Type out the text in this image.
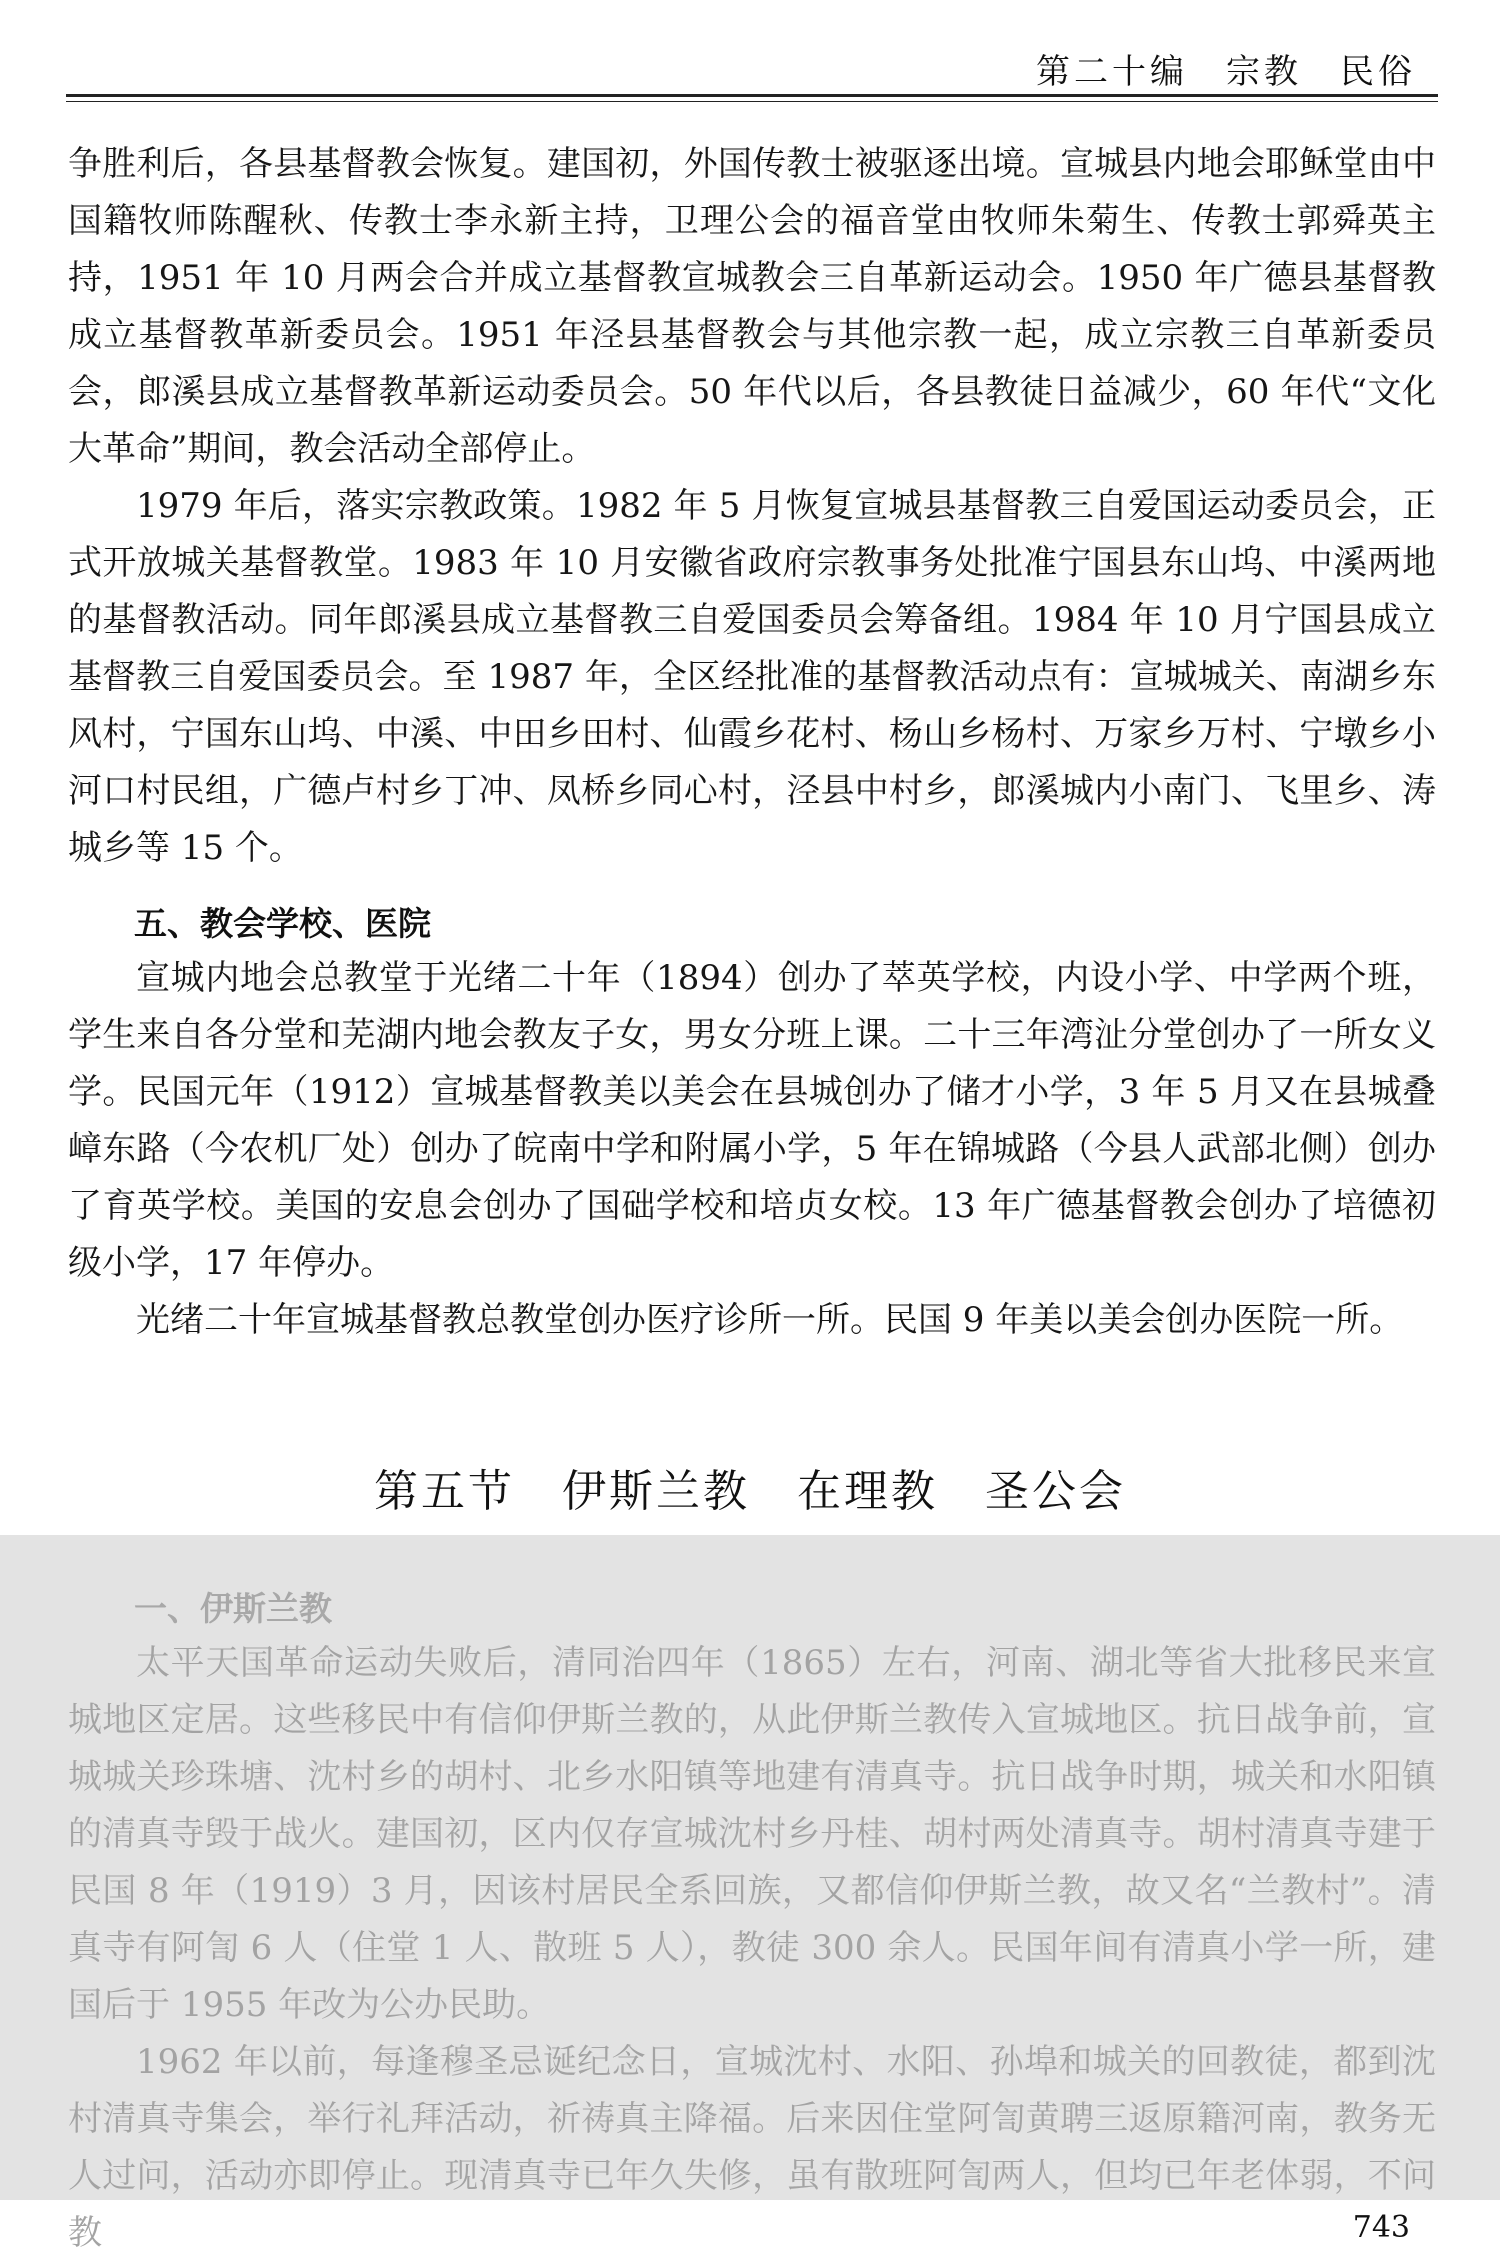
第二十编　宗教　民俗

争胜利后，各县基督教会恢复。建国初，外国传教士被驱逐出境。宣城县内地会耶稣堂由中国籍牧师陈醒秋、传教士李永新主持，卫理公会的福音堂由牧师朱菊生、传教士郭舜英主持，1951 年 10 月两会合并成立基督教宣城教会三自革新运动会。1950 年广德县基督教成立基督教革新委员会。1951 年泾县基督教会与其他宗教一起，成立宗教三自革新委员会，郎溪县成立基督教革新运动委员会。50 年代以后，各县教徒日益减少，60 年代“文化大革命”期间，教会活动全部停止。

1979 年后，落实宗教政策。1982 年 5 月恢复宣城县基督教三自爱国运动委员会，正式开放城关基督教堂。1983 年 10 月安徽省政府宗教事务处批准宁国县东山坞、中溪两地的基督教活动。同年郎溪县成立基督教三自爱国委员会筹备组。1984 年 10 月宁国县成立基督教三自爱国委员会。至 1987 年，全区经批准的基督教活动点有：宣城城关、南湖乡东风村，宁国东山坞、中溪、中田乡田村、仙霞乡花村、杨山乡杨村、万家乡万村、宁墩乡小河口村民组，广德卢村乡丁冲、凤桥乡同心村，泾县中村乡，郎溪城内小南门、飞里乡、涛城乡等 15 个。

五、教会学校、医院

宣城内地会总教堂于光绪二十年（1894）创办了萃英学校，内设小学、中学两个班，学生来自各分堂和芜湖内地会教友子女，男女分班上课。二十三年湾沚分堂创办了一所女义学。民国元年（1912）宣城基督教美以美会在县城创办了储才小学，3 年 5 月又在县城叠嶂东路（今农机厂处）创办了皖南中学和附属小学，5 年在锦城路（今县人武部北侧）创办了育英学校。美国的安息会创办了国础学校和培贞女校。13 年广德基督教会创办了培德初级小学，17 年停办。

光绪二十年宣城基督教总教堂创办医疗诊所一所。民国 9 年美以美会创办医院一所。

第五节　伊斯兰教　在理教　圣公会
一、伊斯兰教

太平天国革命运动失败后，清同治四年（1865）左右，河南、湖北等省大批移民来宣城地区定居。这些移民中有信仰伊斯兰教的，从此伊斯兰教传入宣城地区。抗日战争前，宣城城关珍珠塘、沈村乡的胡村、北乡水阳镇等地建有清真寺。抗日战争时期，城关和水阳镇的清真寺毁于战火。建国初，区内仅存宣城沈村乡丹桂、胡村两处清真寺。胡村清真寺建于民国 8 年（1919）3 月，因该村居民全系回族，又都信仰伊斯兰教，故又名“兰教村”。清真寺有阿訇 6 人（住堂 1 人、散班 5 人），教徒 300 余人。民国年间有清真小学一所，建国后于 1955 年改为公办民助。

1962 年以前，每逢穆圣忌诞纪念日，宣城沈村、水阳、孙埠和城关的回教徒，都到沈村清真寺集会，举行礼拜活动，祈祷真主降福。后来因住堂阿訇黄聘三返原籍河南，教务无人过问，活动亦即停止。现清真寺已年久失修，虽有散班阿訇两人，但均已年老体弱，不问教	743
